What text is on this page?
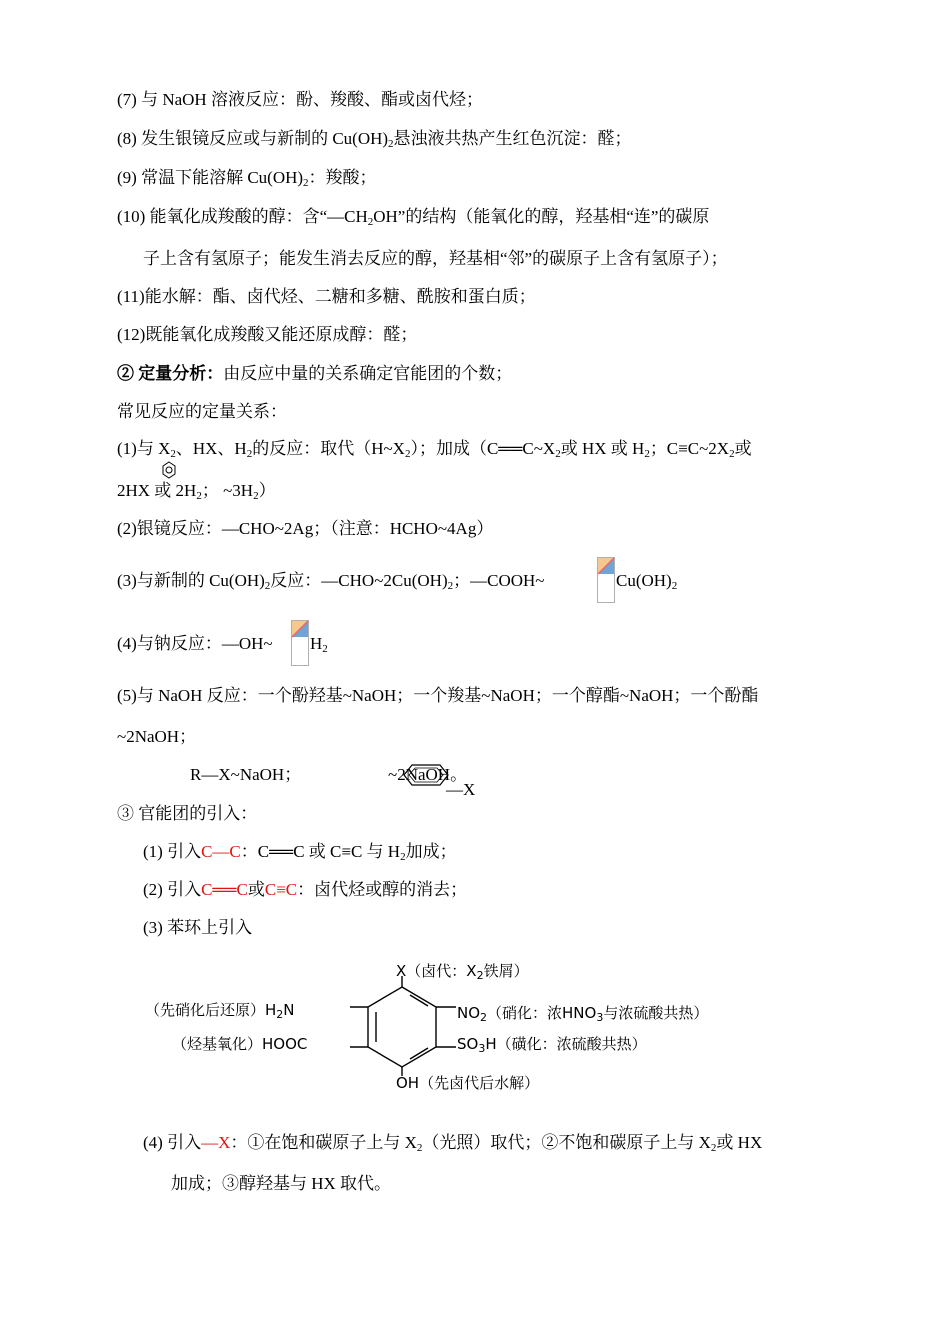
(7) 与 NaOH 溶液反应：酚、羧酸、酯或卤代烃；
(8) 发生银镜反应或与新制的 $Cu(OH)_2$悬浊液共热产生红色沉淀：醛；
(9) 常温下能溶解 $Cu(OH)_2$：羧酸；
(10) 能氧化成羧酸的醇：含“$—CH_2OH$”的结构（能氧化的醇，羟基相“连”的碳原
子上含有氢原子；能发生消去反应的醇，羟基相“邻”的碳原子上含有氢原子）；
(11)能水解：酯、卤代烃、二糖和多糖、酰胺和蛋白质；
(12)既能氧化成羧酸又能还原成醇：醛；
② 定量分析：由反应中量的关系确定官能团的个数；
常见反应的定量关系：
(1)与 $X_2$、HX、$H_2$的反应：取代$(H\sim X_2)$；加成（$C══C\sim X_2$或 HX 或 $H_2$；$C\equiv C\sim 2X_2$或
2HX 或 $2H_2$； $\sim 3H_2$）
(2)银镜反应：—CHO~2Ag；（注意：HCHO~4Ag）
(3)与新制的 $Cu(OH)_2$反应：$—CHO\sim 2Cu(OH)_2$；—COOH~	$Cu(OH)_2$
(4)与钠反应：—OH~ $H_2$
(5)与 NaOH 反应：一个酚羟基~NaOH；一个羧基~NaOH；一个醇酯~NaOH；一个酚酯
~2NaOH；
R—X~NaOH；	~2NaOH。
—X
③ 官能团的引入：
(1) 引入C—C：C══C 或 C≡C 与 $H_2$加成；
(2) 引入C══C或C≡C：卤代烃或醇的消去；
(3) 苯环上引入
X（卤代：$X_2$铁屑）
（先硝化后还原）$H_2N$
（烃基氧化）HOOC
$NO_2$（硝化：浓$HNO_3$与浓硫酸共热）
$SO_3H$（磺化：浓硫酸共热）
OH（先卤代后水解）
(4) 引入—X：①在饱和碳原子上与 $X_2$（光照）取代；②不饱和碳原子上与 $X_2$或 HX
加成；③醇羟基与 HX 取代。
